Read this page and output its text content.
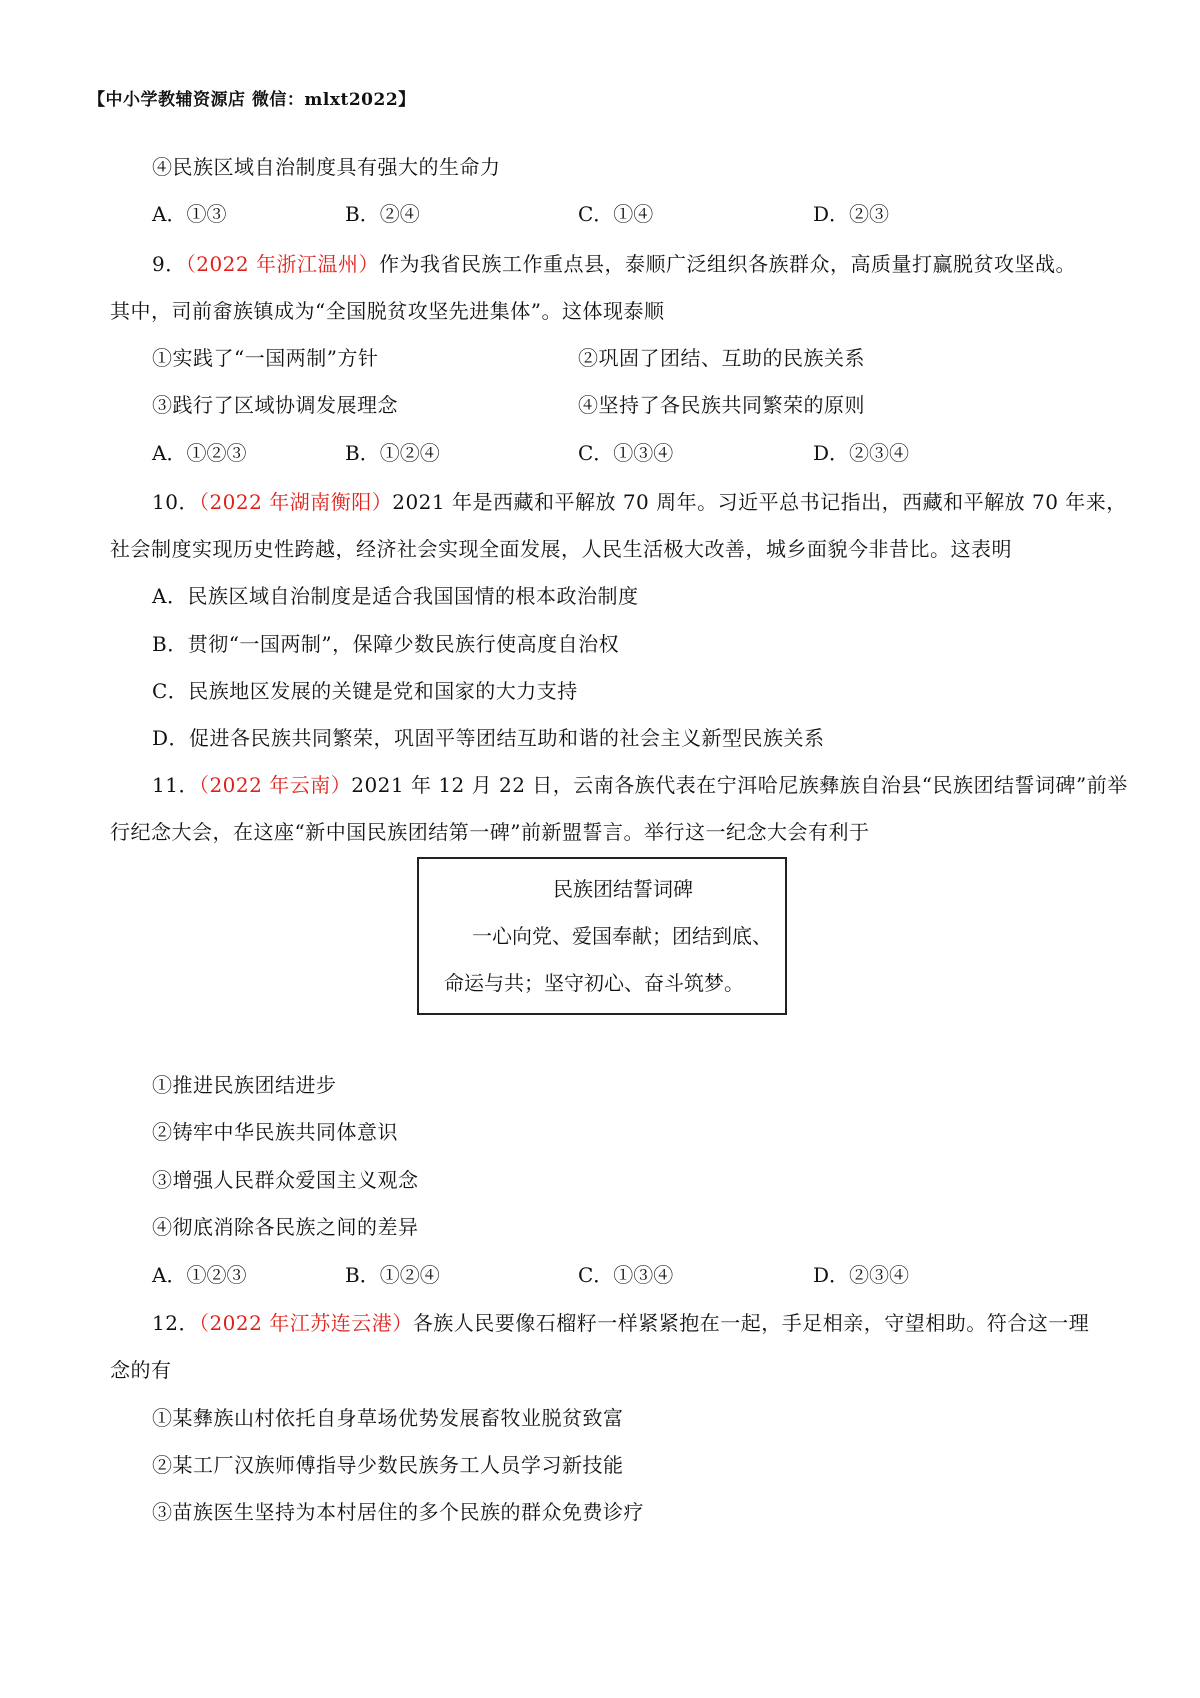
【中小学教辅资源店 微信：mlxt2022】
④民族区域自治制度具有强大的生命力
A．①③	B．②④	C．①④	D．②③
9．（2022 年浙江温州）作为我省民族工作重点县，泰顺广泛组织各族群众，高质量打赢脱贫攻坚战。
其中，司前畲族镇成为“全国脱贫攻坚先进集体”。这体现泰顺
①实践了“一国两制”方针	②巩固了团结、互助的民族关系
③践行了区域协调发展理念	④坚持了各民族共同繁荣的原则
A．①②③	B．①②④	C．①③④	D．②③④
10．（2022 年湖南衡阳）2021 年是西藏和平解放 70 周年。习近平总书记指出，西藏和平解放 70 年来，
社会制度实现历史性跨越，经济社会实现全面发展，人民生活极大改善，城乡面貌今非昔比。这表明
A．民族区域自治制度是适合我国国情的根本政治制度
B．贯彻“一国两制”，保障少数民族行使高度自治权
C．民族地区发展的关键是党和国家的大力支持
D．促进各民族共同繁荣，巩固平等团结互助和谐的社会主义新型民族关系
11．（2022 年云南）2021 年 12 月 22 日，云南各族代表在宁洱哈尼族彝族自治县“民族团结誓词碑”前举
行纪念大会，在这座“新中国民族团结第一碑”前新盟誓言。举行这一纪念大会有利于
民族团结誓词碑
一心向党、爱国奉献；团结到底、
命运与共；坚守初心、奋斗筑梦。
①推进民族团结进步
②铸牢中华民族共同体意识
③增强人民群众爱国主义观念
④彻底消除各民族之间的差异
A．①②③	B．①②④	C．①③④	D．②③④
12．（2022 年江苏连云港）各族人民要像石榴籽一样紧紧抱在一起，手足相亲，守望相助。符合这一理
念的有
①某彝族山村依托自身草场优势发展畜牧业脱贫致富
②某工厂汉族师傅指导少数民族务工人员学习新技能
③苗族医生坚持为本村居住的多个民族的群众免费诊疗
